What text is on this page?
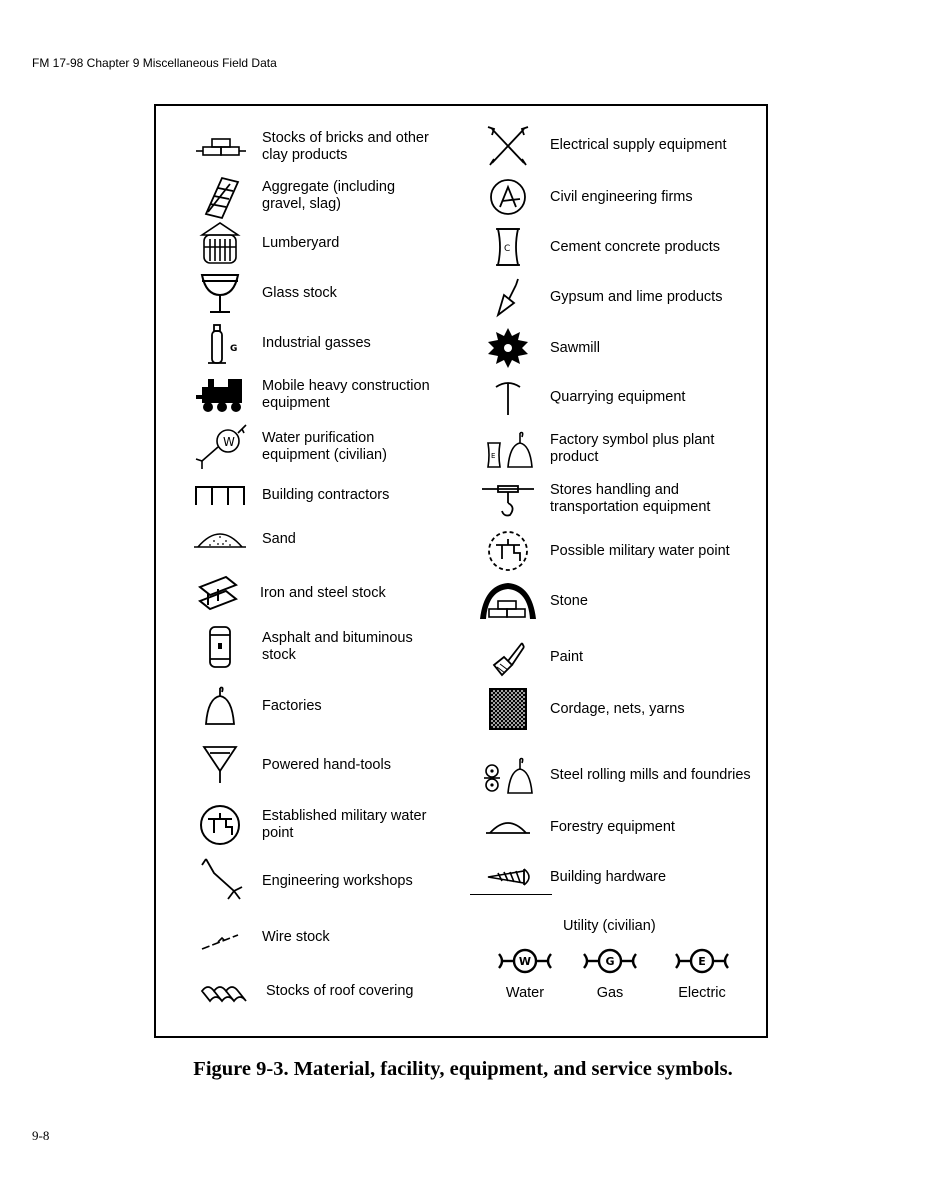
FM 17-98 Chapter 9 Miscellaneous Field Data
Stocks of bricks and other clay products
Aggregate (including gravel, slag)
Lumberyard
Glass stock
G Industrial gasses
Mobile heavy construction equipment
W Water purification equipment (civilian)
Building contractors
Sand
Iron and steel stock
Asphalt and bituminous stock
Factories
Powered hand-tools
Established military water point
Engineering workshops
Wire stock
Stocks of roof covering
Electrical supply equipment
Civil engineering firms
C	Cement concrete products
Gypsum and lime products
Sawmill
Quarrying equipment
E
Factory symbol plus plant product
Stores handling and transportation equipment
Possible military water point
Stone
Paint
Cordage, nets, yarns
Steel rolling mills and foundries
Forestry equipment
Building hardware
Utility (civilian)
W
Water
G
Gas
E
Electric
Figure 9-3. Material, facility, equipment, and service symbols.
9-8
